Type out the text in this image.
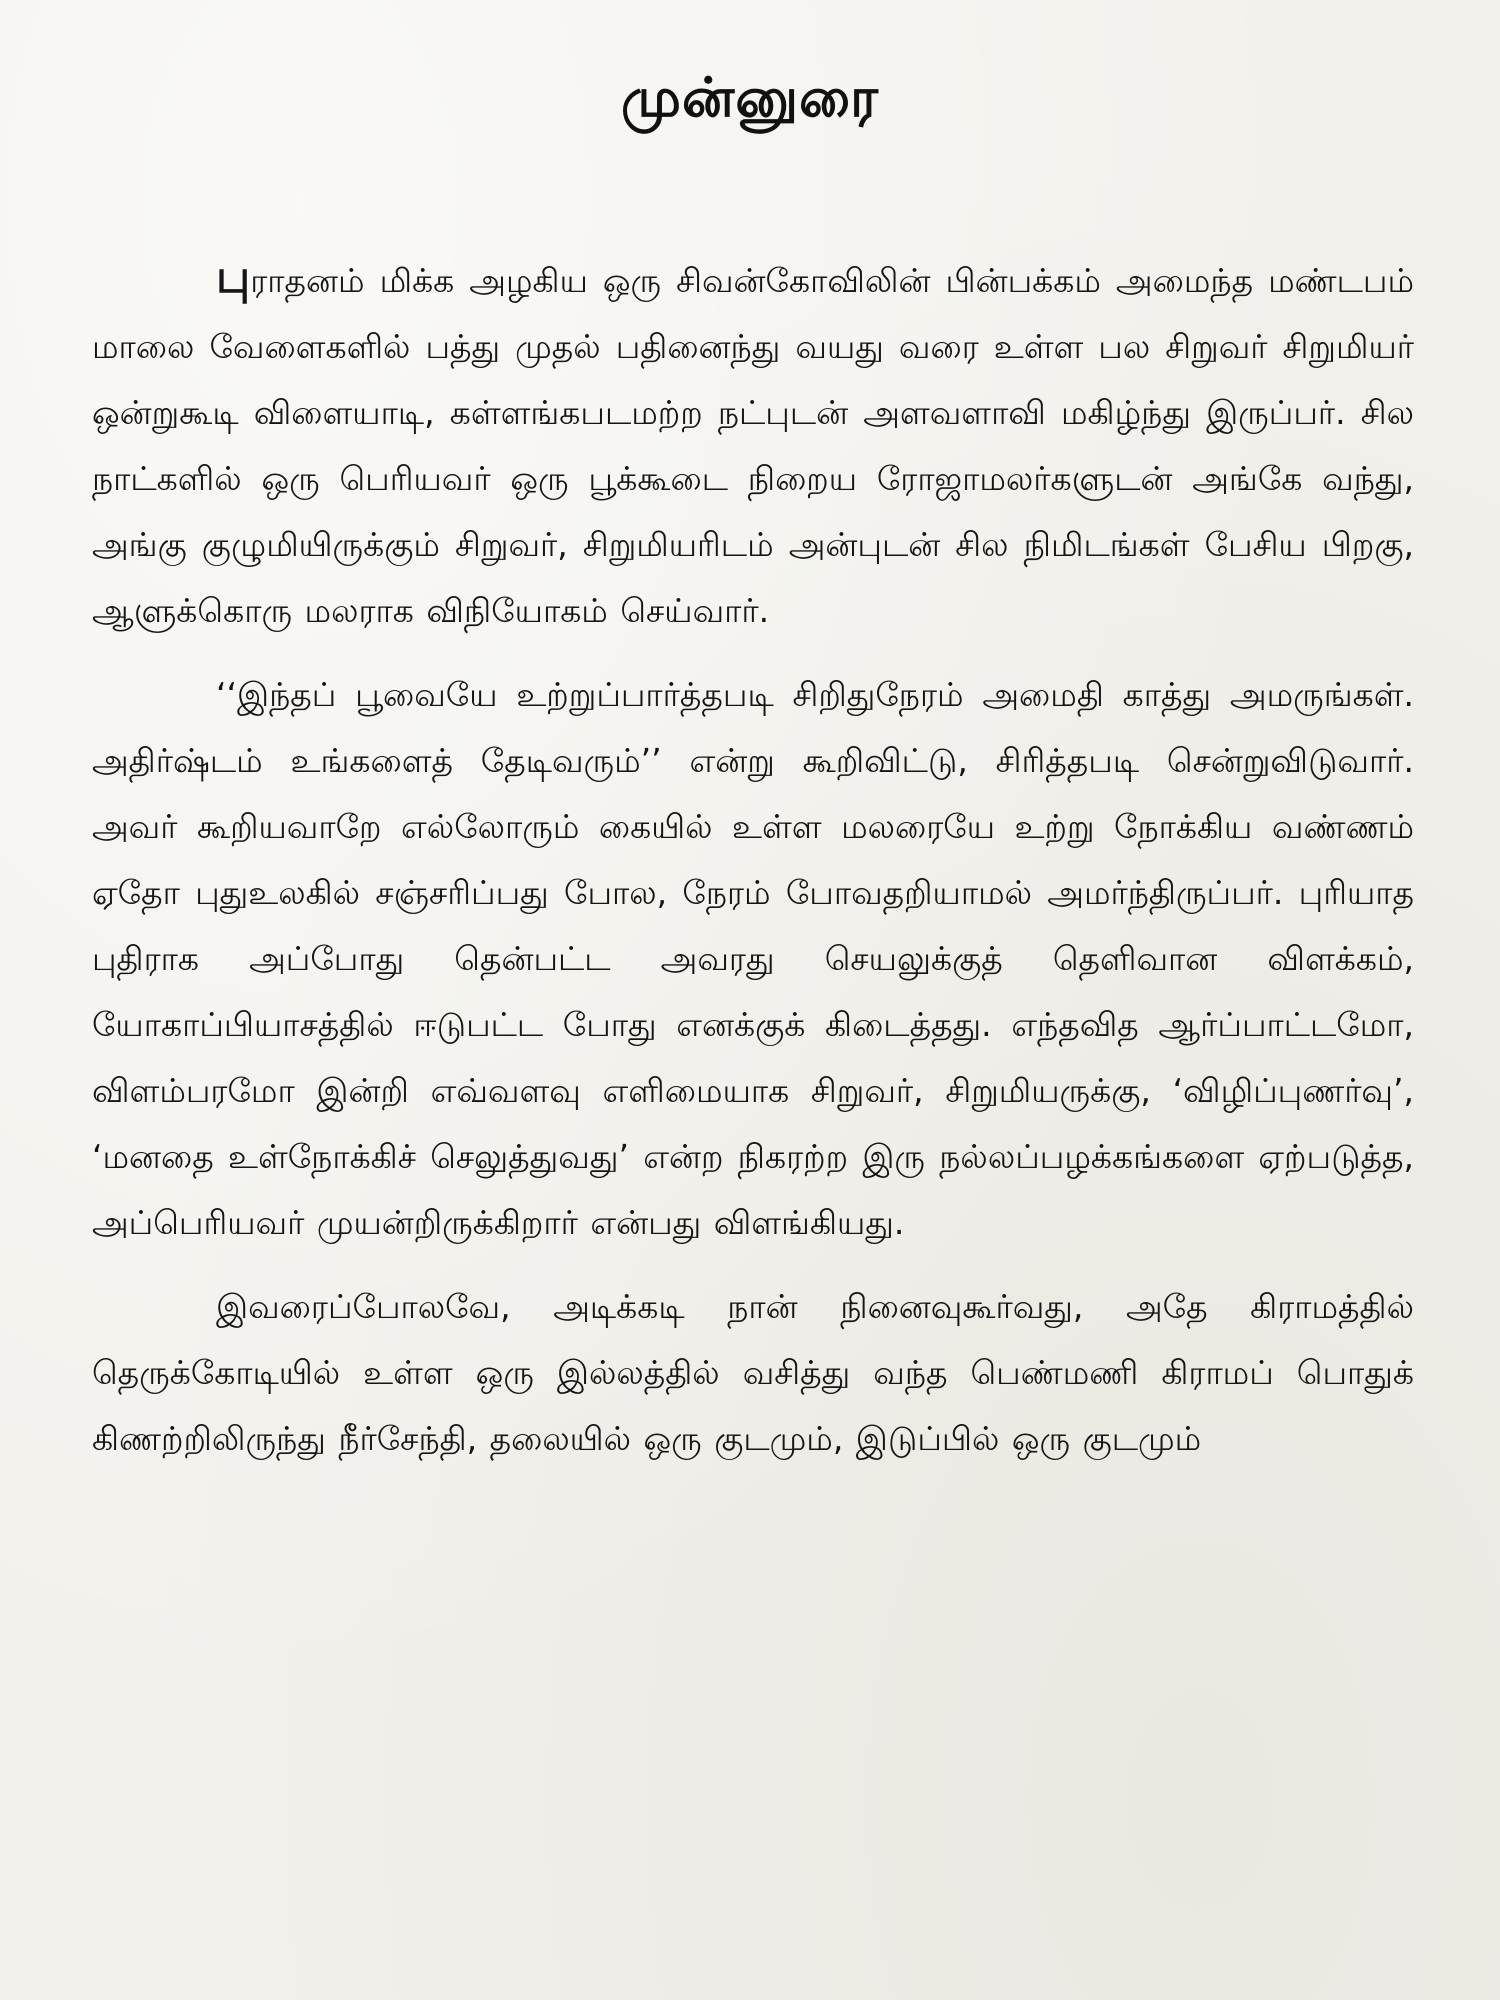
முன்னுரை

புராதனம் மிக்க அழகிய ஒரு சிவன்கோவிலின் பின்பக்கம் அமைந்த மண்டபம் மாலை வேளைகளில் பத்து முதல் பதினைந்து வயது வரை உள்ள பல சிறுவர் சிறுமியர் ஒன்றுகூடி விளையாடி, கள்ளங்கபடமற்ற நட்புடன் அளவளாவி மகிழ்ந்து இருப்பர். சில நாட்களில் ஒரு பெரியவர் ஒரு பூக்கூடை நிறைய ரோஜாமலர்களுடன் அங்கே வந்து, அங்கு குழுமியிருக்கும் சிறுவர், சிறுமியரிடம் அன்புடன் சில நிமிடங்கள் பேசிய பிறகு, ஆளுக்கொரு மலராக விநியோகம் செய்வார்.

‘‘இந்தப் பூவையே உற்றுப்பார்த்தபடி சிறிதுநேரம் அமைதி காத்து அமருங்கள். அதிர்ஷ்டம் உங்களைத் தேடிவரும்’’ என்று கூறிவிட்டு, சிரித்தபடி சென்றுவிடுவார். அவர் கூறியவாறே எல்லோரும் கையில் உள்ள மலரையே உற்று நோக்கிய வண்ணம் ஏதோ புதுஉலகில் சஞ்சரிப்பது போல, நேரம் போவதறியாமல் அமர்ந்திருப்பர். புரியாத புதிராக அப்போது தென்பட்ட அவரது செயலுக்குத் தெளிவான விளக்கம், யோகாப்பியாசத்தில் ஈடுபட்ட போது எனக்குக் கிடைத்தது. எந்தவித ஆர்ப்பாட்டமோ, விளம்பரமோ இன்றி எவ்வளவு எளிமையாக சிறுவர், சிறுமியருக்கு, ‘விழிப்புணர்வு’, ‘மனதை உள்நோக்கிச் செலுத்துவது’ என்ற நிகரற்ற இரு நல்லப்பழக்கங்களை ஏற்படுத்த, அப்பெரியவர் முயன்றிருக்கிறார் என்பது விளங்கியது.

இவரைப்போலவே, அடிக்கடி நான் நினைவுகூர்வது, அதே கிராமத்தில் தெருக்கோடியில் உள்ள ஒரு இல்லத்தில் வசித்து வந்த பெண்மணி கிராமப் பொதுக் கிணற்றிலிருந்து நீர்சேந்தி, தலையில் ஒரு குடமும், இடுப்பில் ஒரு குடமும்
